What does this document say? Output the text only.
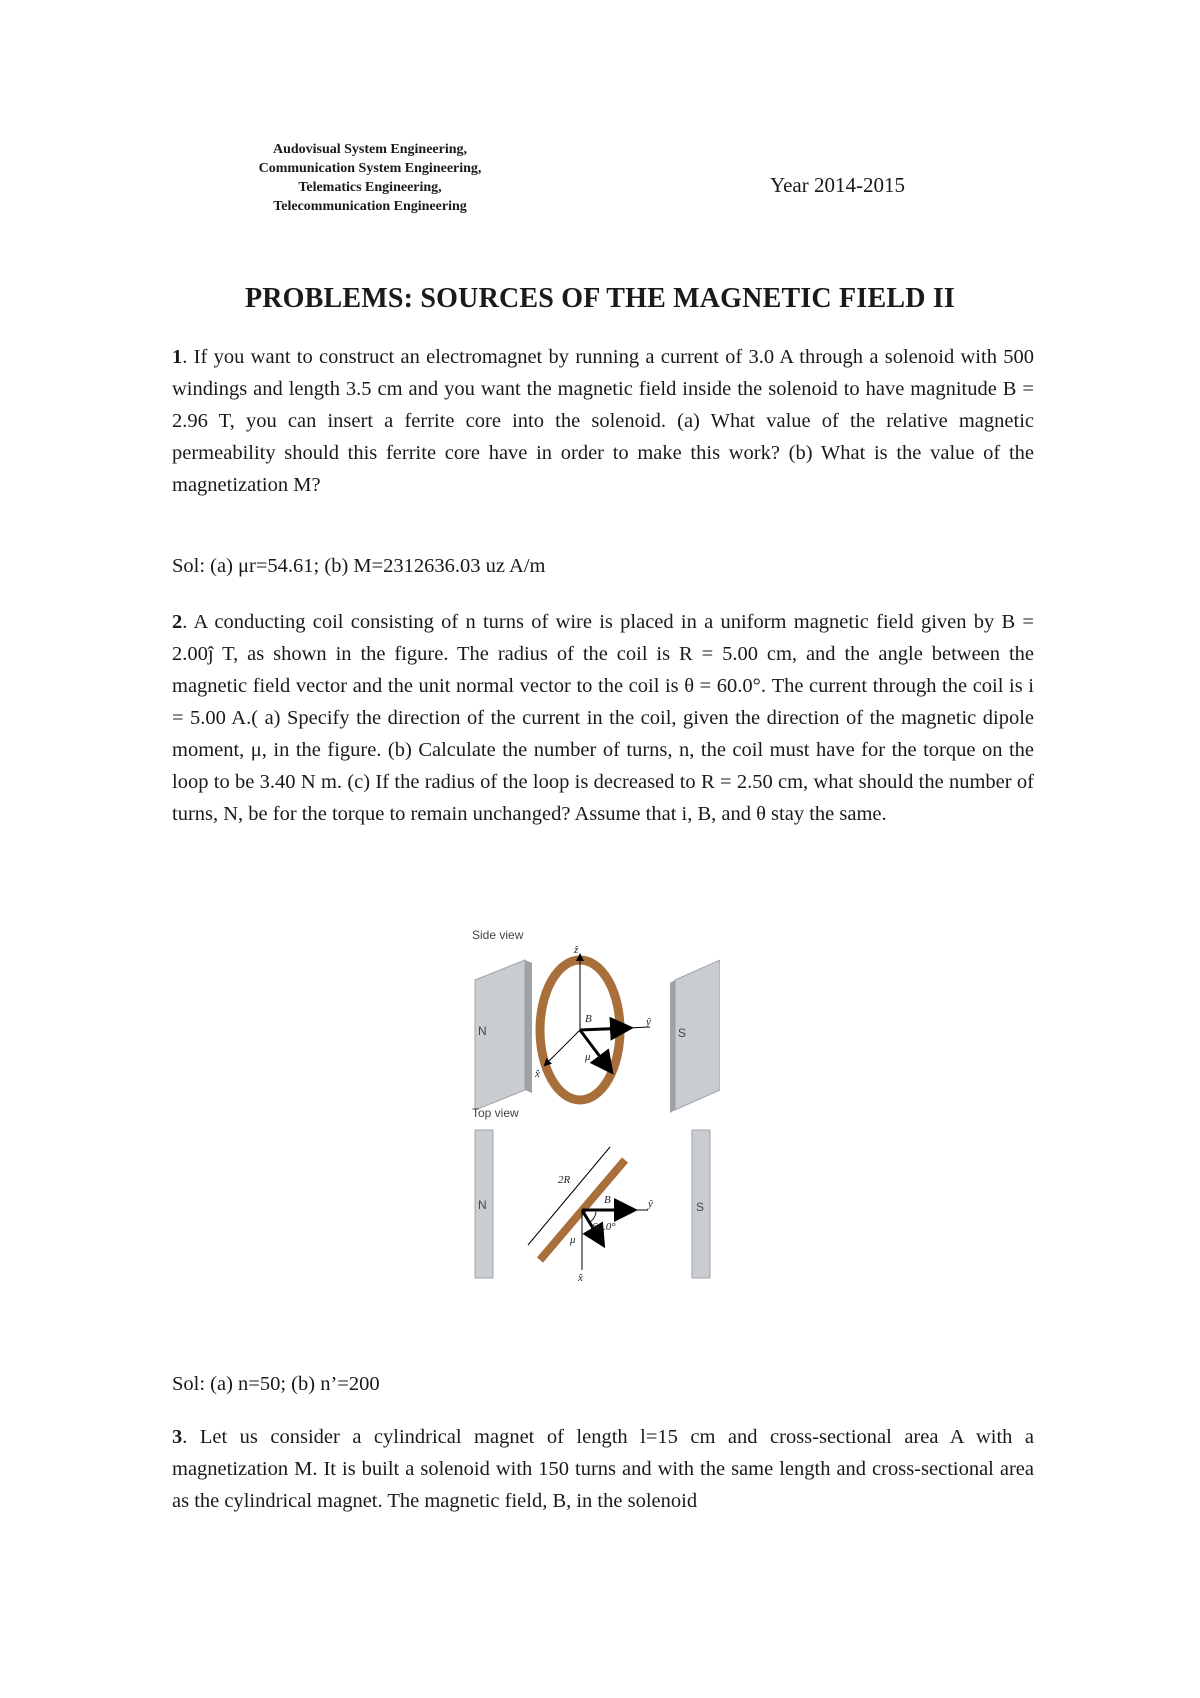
Audovisual System Engineering,
Communication System Engineering,
Telematics Engineering,
Telecommunication Engineering
Year 2014-2015
PROBLEMS: SOURCES OF THE MAGNETIC FIELD II
1. If you want to construct an electromagnet by running a current of 3.0 A through a solenoid with 500 windings and length 3.5 cm and you want the magnetic field inside the solenoid to have magnitude B = 2.96 T, you can insert a ferrite core into the solenoid. (a) What value of the relative magnetic permeability should this ferrite core have in order to make this work? (b) What is the value of the magnetization M?
Sol: (a) μr=54.61; (b) M=2312636.03 uz A/m
2. A conducting coil consisting of n turns of wire is placed in a uniform magnetic field given by B = 2.00ĵ T, as shown in the figure. The radius of the coil is R = 5.00 cm, and the angle between the magnetic field vector and the unit normal vector to the coil is θ = 60.0°. The current through the coil is i = 5.00 A.( a) Specify the direction of the current in the coil, given the direction of the magnetic dipole moment, μ, in the figure. (b) Calculate the number of turns, n, the coil must have for the torque on the loop to be 3.40 N m. (c) If the radius of the loop is decreased to R = 2.50 cm, what should the number of turns, N, be for the torque to remain unchanged? Assume that i, B, and θ stay the same.
Side view
N	S
ẑ
x̂
ŷ
B⃗
μ⃗
Top view
N	S
2R
ŷ
B⃗
x̂
μ⃗
60.0°
Sol: (a) n=50; (b) n’=200
3. Let us consider a cylindrical magnet of length l=15 cm and cross-sectional area A with a magnetization M. It is built a solenoid with 150 turns and with the same length and cross-sectional area as the cylindrical magnet. The magnetic field, B, in the solenoid
